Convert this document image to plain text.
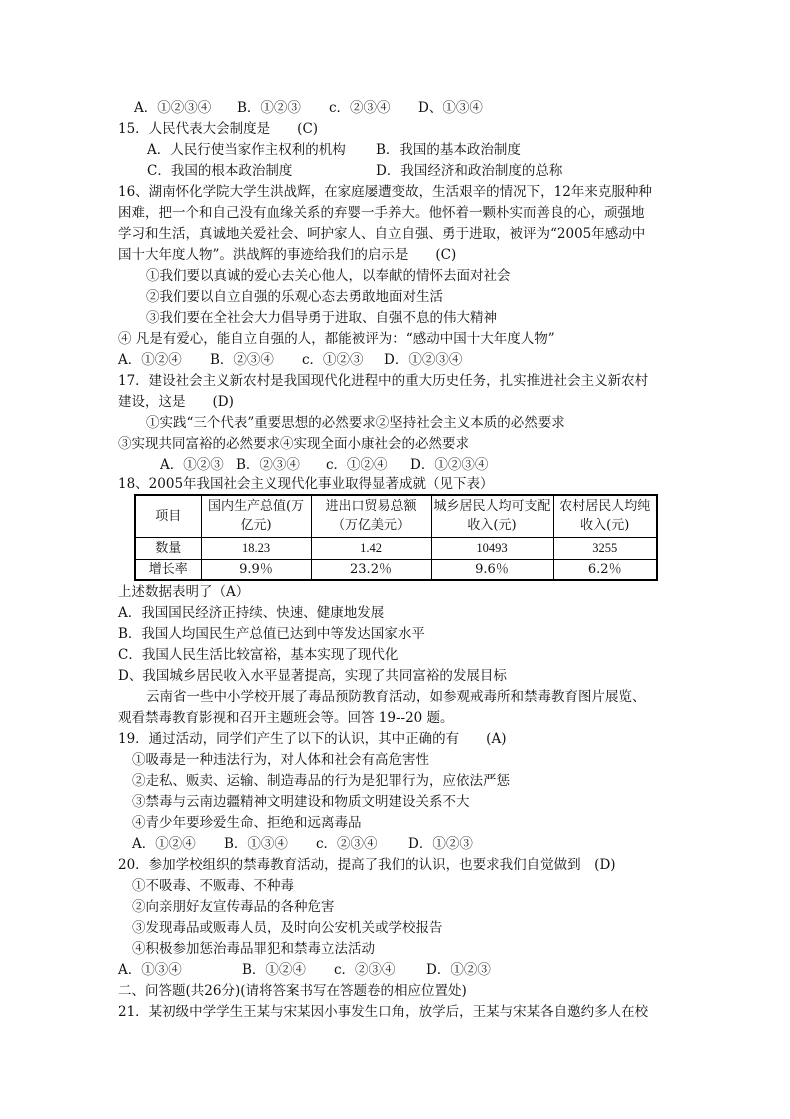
A．①②③④ B．①②③ c．②③④ D、①③④
15．人民代表大会制度是　　(C)
A．人民行使当家作主权利的机构 B．我国的基本政治制度
C．我国的根本政治制度	D．我国经济和政治制度的总称
16、湖南怀化学院大学生洪战辉，在家庭屡遭变故，生活艰辛的情况下，12年来克服种种
困难，把一个和自己没有血缘关系的弃婴一手养大。他怀着一颗朴实而善良的心，顽强地
学习和生活，真诚地关爱社会、呵护家人、自立自强、勇于进取，被评为“2005年感动中
国十大年度人物”。洪战辉的事迹给我们的启示是　　(C)
①我们要以真诚的爱心去关心他人，以奉献的情怀去面对社会
②我们要以自立自强的乐观心态去勇敢地面对生活
③我们要在全社会大力倡导勇于进取、自强不息的伟大精神
④ 凡是有爱心，能自立自强的人，都能被评为：“感动中国十大年度人物”
A．①②④ B．②③④ c．①②③ D．①②③④
17．建设社会主义新农村是我国现代化进程中的重大历史任务，扎实推进社会主义新农村
建设，这是　　(D)
①实践“三个代表”重要思想的必然要求②坚持社会主义本质的必然要求
③实现共同富裕的必然要求④实现全面小康社会的必然要求
A．①②③ B．②③④ c．①②④ D．①②③④
18、2005年我国社会主义现代化事业取得显著成就（见下表）
项目	国内生产总值(万亿元)	进出口贸易总额（万亿美元）	城乡居民人均可支配收入(元)	农村居民人均纯收入(元)
数量	18.23	1.42	10493	3255
增长率	9.9％	23.2％	9.6％	6.2％
上述数据表明了（A）
A．我国国民经济正持续、快速、健康地发展
B．我国人均国民生产总值已达到中等发达国家水平
C．我国人民生活比较富裕，基本实现了现代化
D、我国城乡居民收入水平显著提高，实现了共同富裕的发展目标
云南省一些中小学校开展了毒品预防教育活动，如参观戒毒所和禁毒教育图片展览、
观看禁毒教育影视和召开主题班会等。回答 19--20 题。
19．通过活动，同学们产生了以下的认识，其中正确的有　　(A)
①吸毒是一种违法行为，对人体和社会有高危害性
②走私、贩卖、运输、制造毒品的行为是犯罪行为，应依法严惩
③禁毒与云南边疆精神文明建设和物质文明建设关系不大
④青少年要珍爱生命、拒绝和远离毒品
A．①②④ B．①③④ c．②③④ D．①②③
20．参加学校组织的禁毒教育活动，提高了我们的认识，也要求我们自觉做到　(D)
①不吸毒、不贩毒、不种毒
②向亲朋好友宣传毒品的各种危害
③发现毒品或贩毒人员，及时向公安机关或学校报告
④积极参加惩治毒品罪犯和禁毒立法活动
A．①③④	B．①②④ c．②③④ D．①②③
二、问答题(共26分)(请将答案书写在答题卷的相应位置处)
21．某初级中学学生王某与宋某因小事发生口角，放学后，王某与宋某各自邀约多人在校
